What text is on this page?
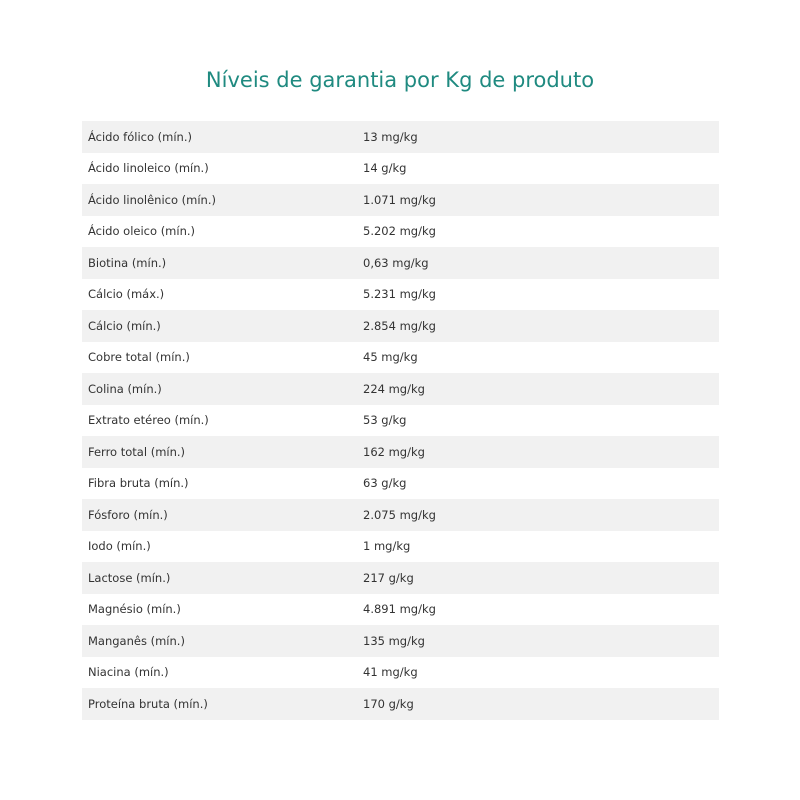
Níveis de garantia por Kg de produto
Ácido fólico (mín.)	13 mg/kg
Ácido linoleico (mín.)	14 g/kg
Ácido linolênico (mín.)	1.071 mg/kg
Ácido oleico (mín.)	5.202 mg/kg
Biotina (mín.)	0,63 mg/kg
Cálcio (máx.)	5.231 mg/kg
Cálcio (mín.)	2.854 mg/kg
Cobre total (mín.)	45 mg/kg
Colina (mín.)	224 mg/kg
Extrato etéreo (mín.)	53 g/kg
Ferro total (mín.)	162 mg/kg
Fibra bruta (mín.)	63 g/kg
Fósforo (mín.)	2.075 mg/kg
Iodo (mín.)	1 mg/kg
Lactose (mín.)	217 g/kg
Magnésio (mín.)	4.891 mg/kg
Manganês (mín.)	135 mg/kg
Niacina (mín.)	41 mg/kg
Proteína bruta (mín.)	170 g/kg
